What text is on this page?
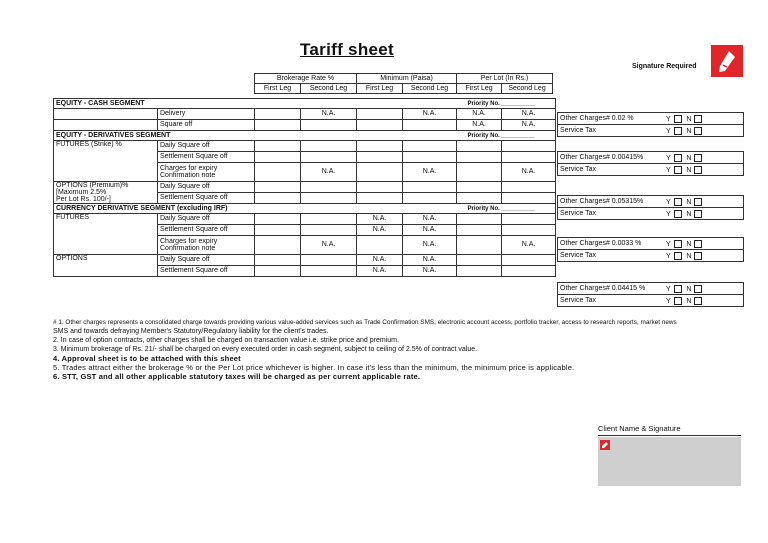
Tariff sheet
Signature Required
Brokerage Rate %		Minimum (Paisa)		Per Lot (In Rs.)	
First Leg	Second Leg	First Leg	Second Leg	First Leg	Second Leg
EQUITY - CASH SEGMENT Priority No. __________							

	Delivery		N.A.		N.A.	N.A.	N.A.
	Square off					N.A.	N.A.
EQUITY - DERIVATIVES SEGMENT Priority No. __________							

FUTURES (Strike) %	Daily Square off						
	Settlement Square off						
	Charges for expiry Confirmation note		N.A.		N.A.		N.A.

OPTIONS (Premium)%
[Maximum 2.5%
Per Lot Rs. 100/-]	Daily Square off						
	Settlement Square off						
CURRENCY DERIVATIVE SEGMENT (excluding IRF) Priority No. __________							

FUTURES	Daily Square off			N.A.	N.A.		
	Settlement Square off			N.A.	N.A.		
	Charges for expiry Confirmation note		N.A.		N.A.		N.A.
OPTIONS	Daily Square off			N.A.	N.A.		
	Settlement Square off			N.A.	N.A.		
Other Charges# 0.02 %	Y N
Service Tax	Y N
Other Charges# 0.00415%	Y N
Service Tax	Y N
Other Charges# 0.05315%	Y N
Service Tax	Y N
Other Charges# 0.0033 %	Y N
Service Tax	Y N
Other Charges# 0.04415 %	Y N
Service Tax	Y N
# 1. Other charges represents a consolidated charge towards providing various value-added services such as Trade Confirmation SMS, electronic account access, portfolio tracker, access to research reports, market news
SMS and towards defraying Member's Statutory/Regulatory liability for the client's trades.
2. In case of option contracts, other charges shall be charged on transaction value i.e. strike price and premium.
3. Minimum brokerage of Rs. 21/- shall be charged on every executed order in cash segment, subject to ceiling of 2.5% of contract value.
4. Approval sheet is to be attached with this sheet
5. Trades attract either the brokerage % or the Per Lot price whichever is higher. In case it's less than the minimum, the minimum price is applicable.
6. STT, GST and all other applicable statutory taxes will be charged as per current applicable rate.
Client Name & Signature
